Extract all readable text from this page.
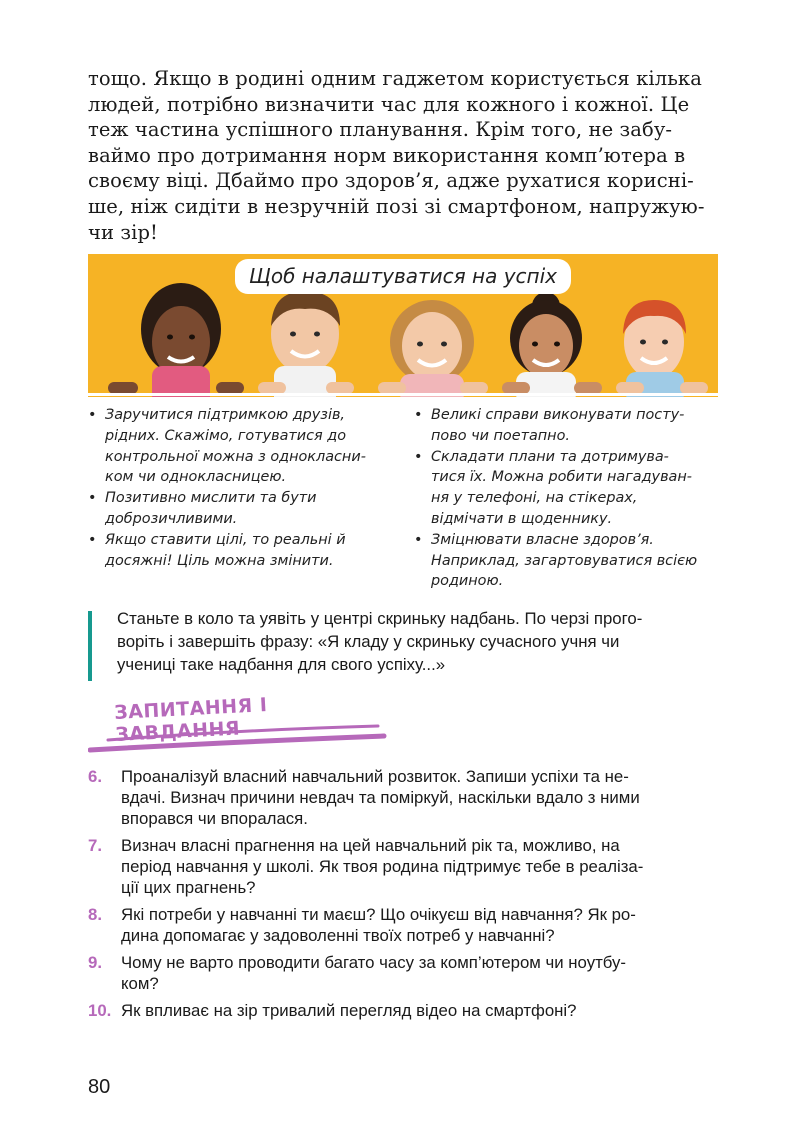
тощо. Якщо в родині одним гаджетом користується кілька
людей, потрібно визначити час для кожного і кожної. Це
теж частина успішного планування. Крім того, не забу-
ваймо про дотримання норм використання комп’ютера в
своєму віці. Дбаймо про здоров’я, адже рухатися корисні-
ше, ніж сидіти в незручній позі зі смартфоном, напружую-
чи зір!
Щоб налаштуватися на успіх
• Заручитися підтримкою друзів,
рідних. Скажімо, готуватися до
контрольної можна з однокласни-
ком чи однокласницею.
• Позитивно мислити та бути
доброзичливими.
• Якщо ставити цілі, то реальні й
досяжні! Ціль можна змінити.
• Великі справи виконувати посту-
пово чи поетапно.
• Складати плани та дотримува-
тися їх. Можна робити нагадуван-
ня у телефоні, на стікерах,
відмічати в щоденнику.
• Зміцнювати власне здоров’я.
Наприклад, загартовуватися всією
родиною.
Станьте в коло та уявіть у центрі скриньку надбань. По черзі прого-
воріть і завершіть фразу: «Я кладу у скриньку сучасного учня чи
учениці таке надбання для свого успіху...»
ЗАПИТАННЯ І ЗАВДАННЯ
6. Проаналізуй власний навчальний розвиток. Запиши успіхи та не-
вдачі. Визнач причини невдач та поміркуй, наскільки вдало з ними
впорався чи впоралася.
7. Визнач власні прагнення на цей навчальний рік та, можливо, на
період навчання у школі. Як твоя родина підтримує тебе в реаліза-
ції цих прагнень?
8. Які потреби у навчанні ти маєш? Що очікуєш від навчання? Як ро-
дина допомагає у задоволенні твоїх потреб у навчанні?
9. Чому не варто проводити багато часу за комп’ютером чи ноутбу-
ком?
10. Як впливає на зір тривалий перегляд відео на смартфоні?
80
